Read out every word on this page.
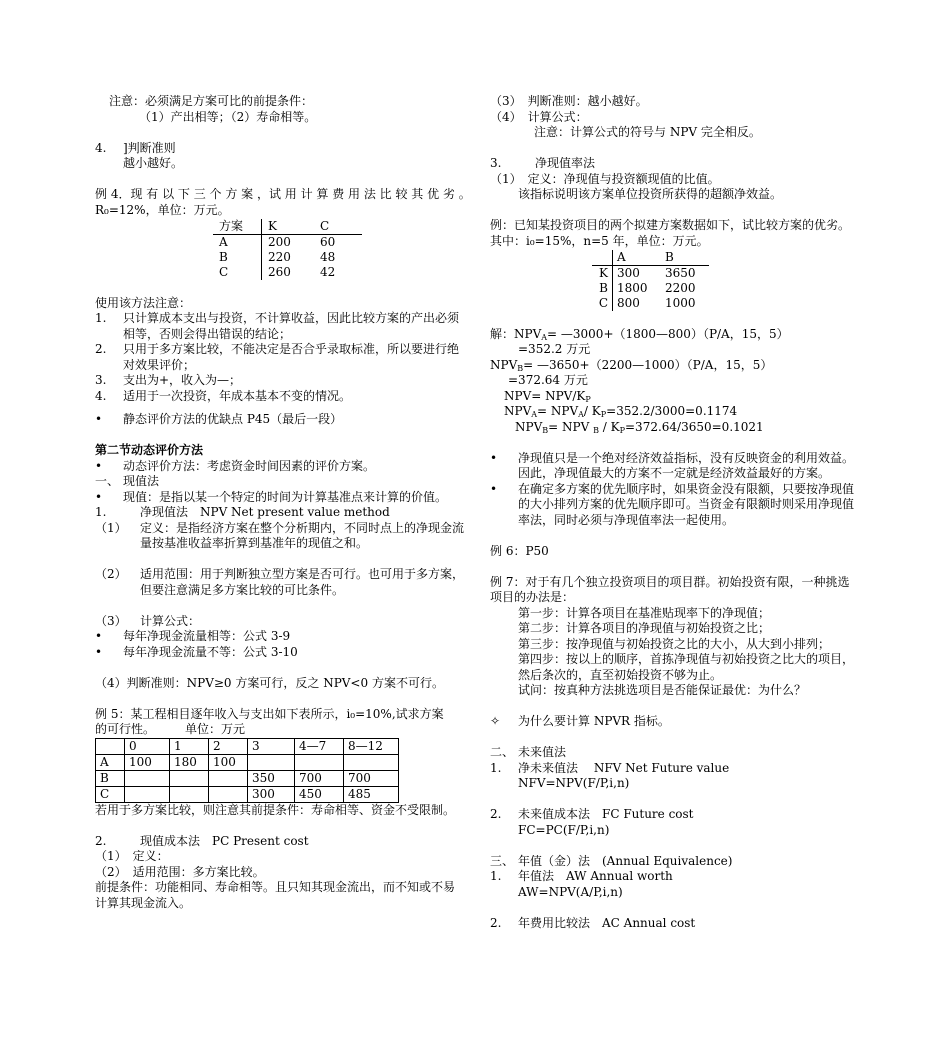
注意：必须满足方案可比的前提条件：
（1）产出相等；（2）寿命相等。
4.	]判断准则
越小越好。
例 4．现 有 以 下 三 个 方 案 ，试 用 计 算 费 用 法 比 较 其 优 劣 。
R₀=12%，单位：万元。
方案	K	C
A	200	60
B	220	48
C	260	42
使用该方法注意：
1.	只计算成本支出与投资，不计算收益，因此比较方案的产出必须相等，否则会得出错误的结论；
2.	只用于多方案比较，不能决定是否合乎录取标准，所以要进行绝对效果评价；
3.	支出为+，收入为—；
4.	适用于一次投资，年成本基本不变的情况。
•	静态评价方法的优缺点 P45（最后一段）
第二节动态评价方法
•	动态评价方法：考虑资金时间因素的评价方案。
一、 现值法
•	现值：是指以某一个特定的时间为计算基准点来计算的价值。
1.	净现值法　NPV Net present value method
（1）	定义：是指经济方案在整个分析期内，不同时点上的净现金流量按基准收益率折算到基准年的现值之和。
（2）	适用范围：用于判断独立型方案是否可行。也可用于多方案，但要注意满足多方案比较的可比条件。
（3）	计算公式：
•	每年净现金流量相等：公式 3-9
•	每年净现金流量不等：公式 3-10
（4）判断准则：NPV≥0 方案可行，反之 NPV<0 方案不可行。
例 5：某工程相目逐年收入与支出如下表所示，i₀=10%,试求方案
的可行性。　　　单位：万元
	0	1	2	3	4—7	8—12
A	100	180	100			
B				350	700	700
C				300	450	485
若用于多方案比较，则注意其前提条件：寿命相等、资金不受限制。
2.	现值成本法　PC Present cost
（1）　定义：
（2）　适用范围：多方案比较。
前提条件：功能相同、寿命相等。且只知其现金流出，而不知或不易计算其现金流入。
（3）　判断准则：越小越好。
（4）　计算公式：
注意：计算公式的符号与 NPV 完全相反。
3.	净现值率法
（1）　定义：净现值与投资额现值的比值。
该指标说明该方案单位投资所获得的超额净效益。
例：已知某投资项目的两个拟建方案数据如下，试比较方案的优劣。其中：i₀=15%，n=5 年，单位：万元。
	A	B
K	300	3650
B	1800	2200
C	800	1000
解：$NPV_A=$ —3000+（1800—800）（P/A，15，5）
=352.2 万元
$NPV_B=$ —3650+（2200—1000）（P/A，15，5）
=372.64 万元
NPV= NPV/$K_P$
$NPV_A= NPV_A/$ $K_P=352.2/3000=0.1174$
$NPV_B=$ NPV $_B / K_P=372.64/3650=0.1021$
•	净现值只是一个绝对经济效益指标，没有反映资金的利用效益。因此，净现值最大的方案不一定就是经济效益最好的方案。
•	在确定多方案的优先顺序时，如果资金没有限额，只要按净现值的大小排列方案的优先顺序即可。当资金有限额时则采用净现值率法，同时必须与净现值率法一起使用。
例 6：P50
例 7：对于有几个独立投资项目的项目群。初始投资有限，一种挑选项目的办法是：
第一步：计算各项目在基准贴现率下的净现值；
第二步：计算各项目的净现值与初始投资之比；
第三步：按净现值与初始投资之比的大小，从大到小排列；
第四步：按以上的顺序，首拣净现值与初始投资之比大的项目，然后条次的，直至初始投资不够为止。
试问：按真种方法挑选项目是否能保证最优：为什么？
✧	为什么要计算 NPVR 指标。
二、 未来值法
1.	净未来值法　 NFV Net Future value
NFV=NPV(F/P,i,n)
2.	未来值成本法　FC Future cost
FC=PC(F/P,i,n)
三、 年值（金）法　(Annual Equivalence)
1.	年值法　AW Annual worth
AW=NPV(A/P,i,n)
2.	年费用比较法　AC Annual cost
